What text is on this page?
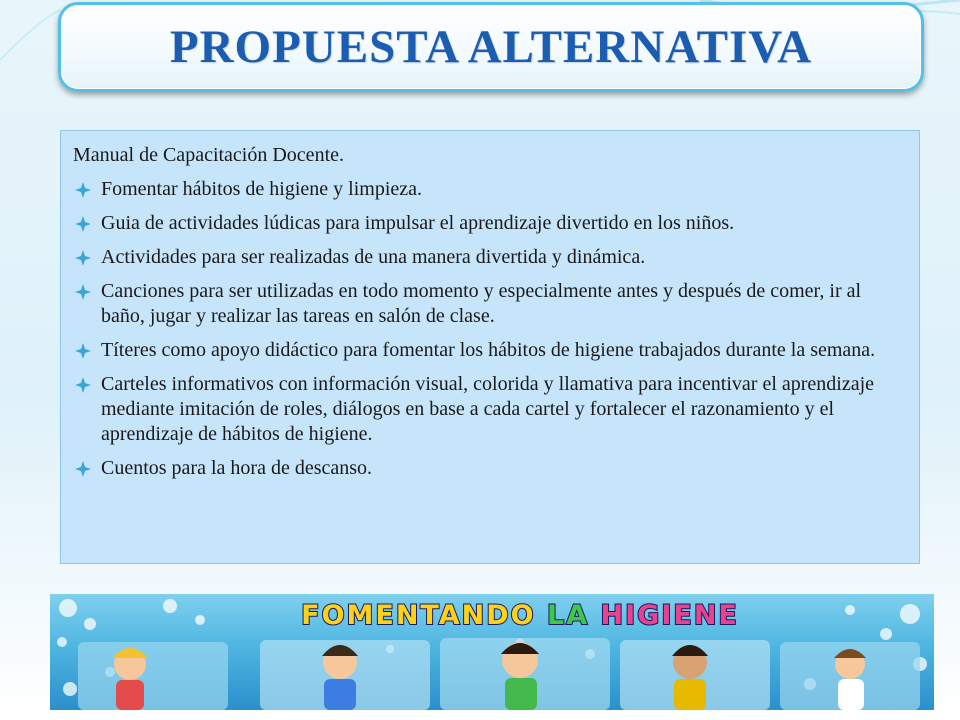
PROPUESTA ALTERNATIVA

Manual de Capacitación Docente.

Fomentar hábitos de higiene y limpieza.
Guia de actividades lúdicas para impulsar el aprendizaje divertido en los niños.
Actividades para ser realizadas de una manera divertida y dinámica.
Canciones para ser utilizadas en todo momento y especialmente antes y después de comer, ir al baño, jugar y realizar las tareas en salón de clase.
Títeres como apoyo didáctico para fomentar los hábitos de higiene trabajados durante la semana.
Carteles informativos con información visual, colorida y llamativa para incentivar el aprendizaje mediante imitación de roles, diálogos en base a cada cartel y fortalecer el razonamiento y el aprendizaje de hábitos de higiene.
Cuentos para la hora de descanso.
FOMENTANDO LA HIGIENE
